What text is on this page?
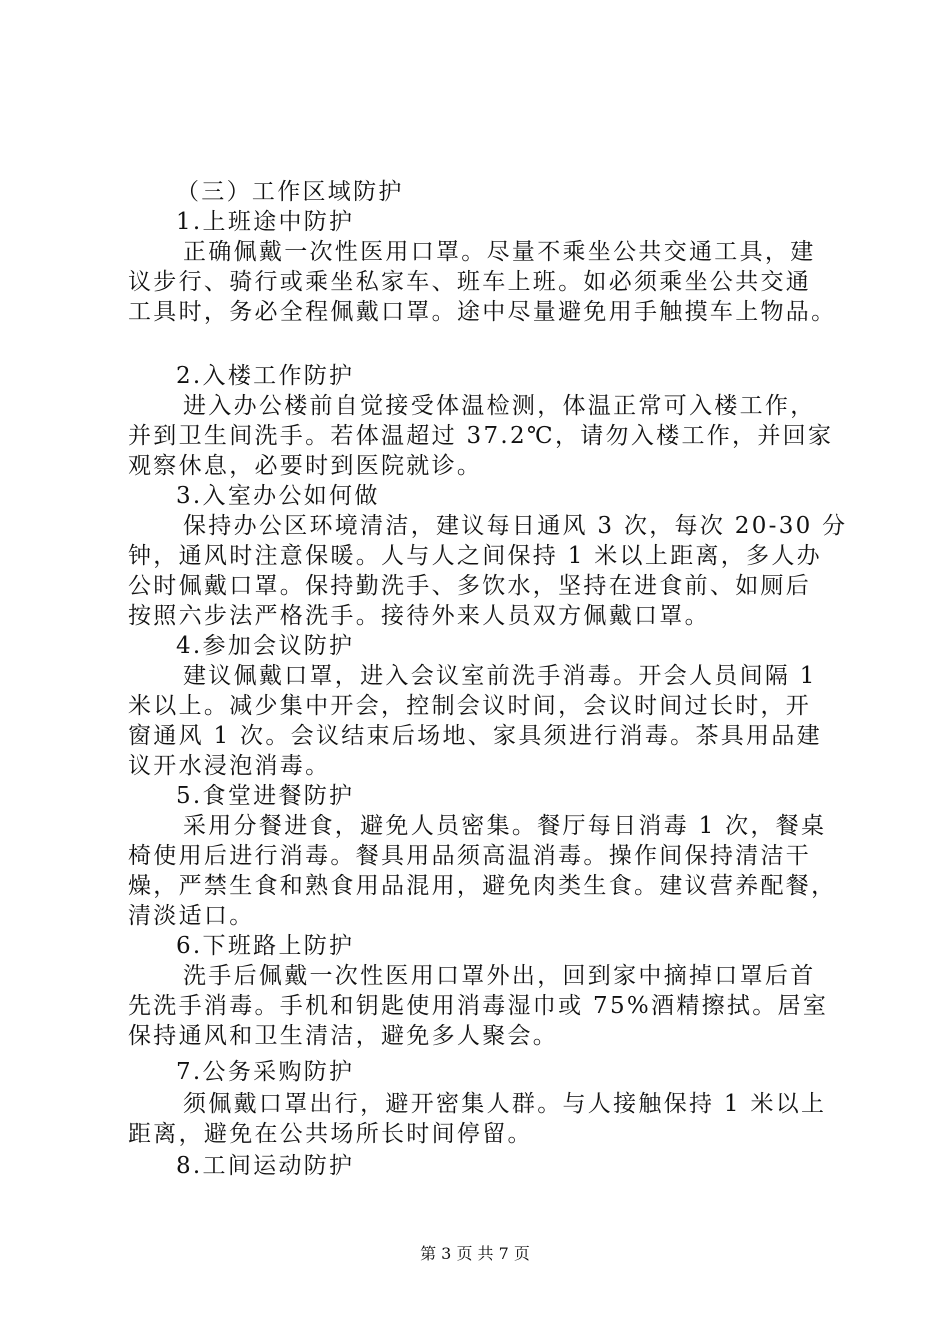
（三）工作区域防护
1.上班途中防护
正确佩戴一次性医用口罩。尽量不乘坐公共交通工具，建
议步行、骑行或乘坐私家车、班车上班。如必须乘坐公共交通
工具时，务必全程佩戴口罩。途中尽量避免用手触摸车上物品。
2.入楼工作防护
进入办公楼前自觉接受体温检测，体温正常可入楼工作，
并到卫生间洗手。若体温超过 37.2℃，请勿入楼工作，并回家
观察休息，必要时到医院就诊。
3.入室办公如何做
保持办公区环境清洁，建议每日通风 3 次，每次 20-30 分
钟，通风时注意保暖。人与人之间保持 1 米以上距离，多人办
公时佩戴口罩。保持勤洗手、多饮水，坚持在进食前、如厕后
按照六步法严格洗手。接待外来人员双方佩戴口罩。
4.参加会议防护
建议佩戴口罩，进入会议室前洗手消毒。开会人员间隔 1
米以上。减少集中开会，控制会议时间，会议时间过长时，开
窗通风 1 次。会议结束后场地、家具须进行消毒。茶具用品建
议开水浸泡消毒。
5.食堂进餐防护
采用分餐进食，避免人员密集。餐厅每日消毒 1 次，餐桌
椅使用后进行消毒。餐具用品须高温消毒。操作间保持清洁干
燥，严禁生食和熟食用品混用，避免肉类生食。建议营养配餐，
清淡适口。
6.下班路上防护
洗手后佩戴一次性医用口罩外出，回到家中摘掉口罩后首
先洗手消毒。手机和钥匙使用消毒湿巾或 75%酒精擦拭。居室
保持通风和卫生清洁，避免多人聚会。
7.公务采购防护
须佩戴口罩出行，避开密集人群。与人接触保持 1 米以上
距离，避免在公共场所长时间停留。
8.工间运动防护
第 3 页 共 7 页
